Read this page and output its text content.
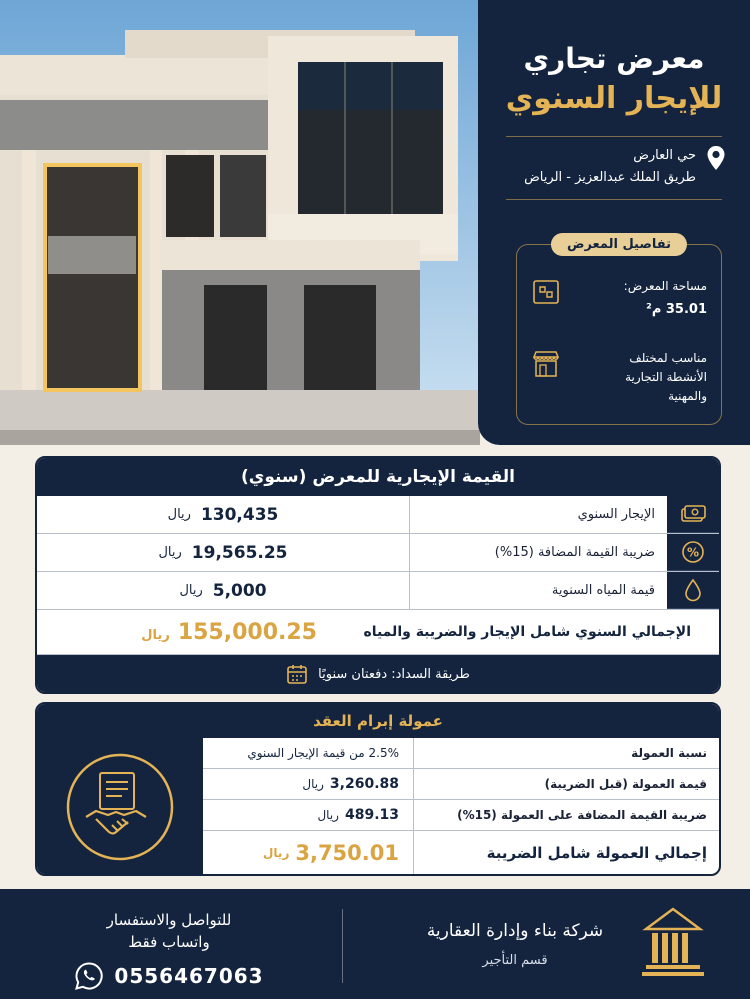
معرض تجاري
للإيجار السنوي
حي العارض
طريق الملك عبدالعزيز - الرياض
تفاصيل المعرض
مساحة المعرض:
35.01 م²
مناسب لمختلف
الأنشطة التجارية
والمهنية
القيمة الإيجارية للمعرض (سنوي)
الإيجار السنوي
130,435
ريال
%
ضريبة القيمة المضافة (15%)
19,565.25
ريال
قيمة المياه السنوية
5,000
ريال
الإجمالي السنوي شامل الإيجار والضريبة والمياه
155,000.25
ريال
طريقة السداد: دفعتان سنويًا
عمولة إبرام العقد
نسبة العمولة
2.5% من قيمة الإيجار السنوي
قيمة العمولة (قبل الضريبة)
3,260.88
ريال
ضريبة القيمة المضافة على العمولة (15%)
489.13
ريال
إجمالي العمولة شامل الضريبة
3,750.01
ريال
شركة بناء وإدارة العقارية
قسم التأجير
للتواصل والاستفسار
واتساب فقط
0556467063
